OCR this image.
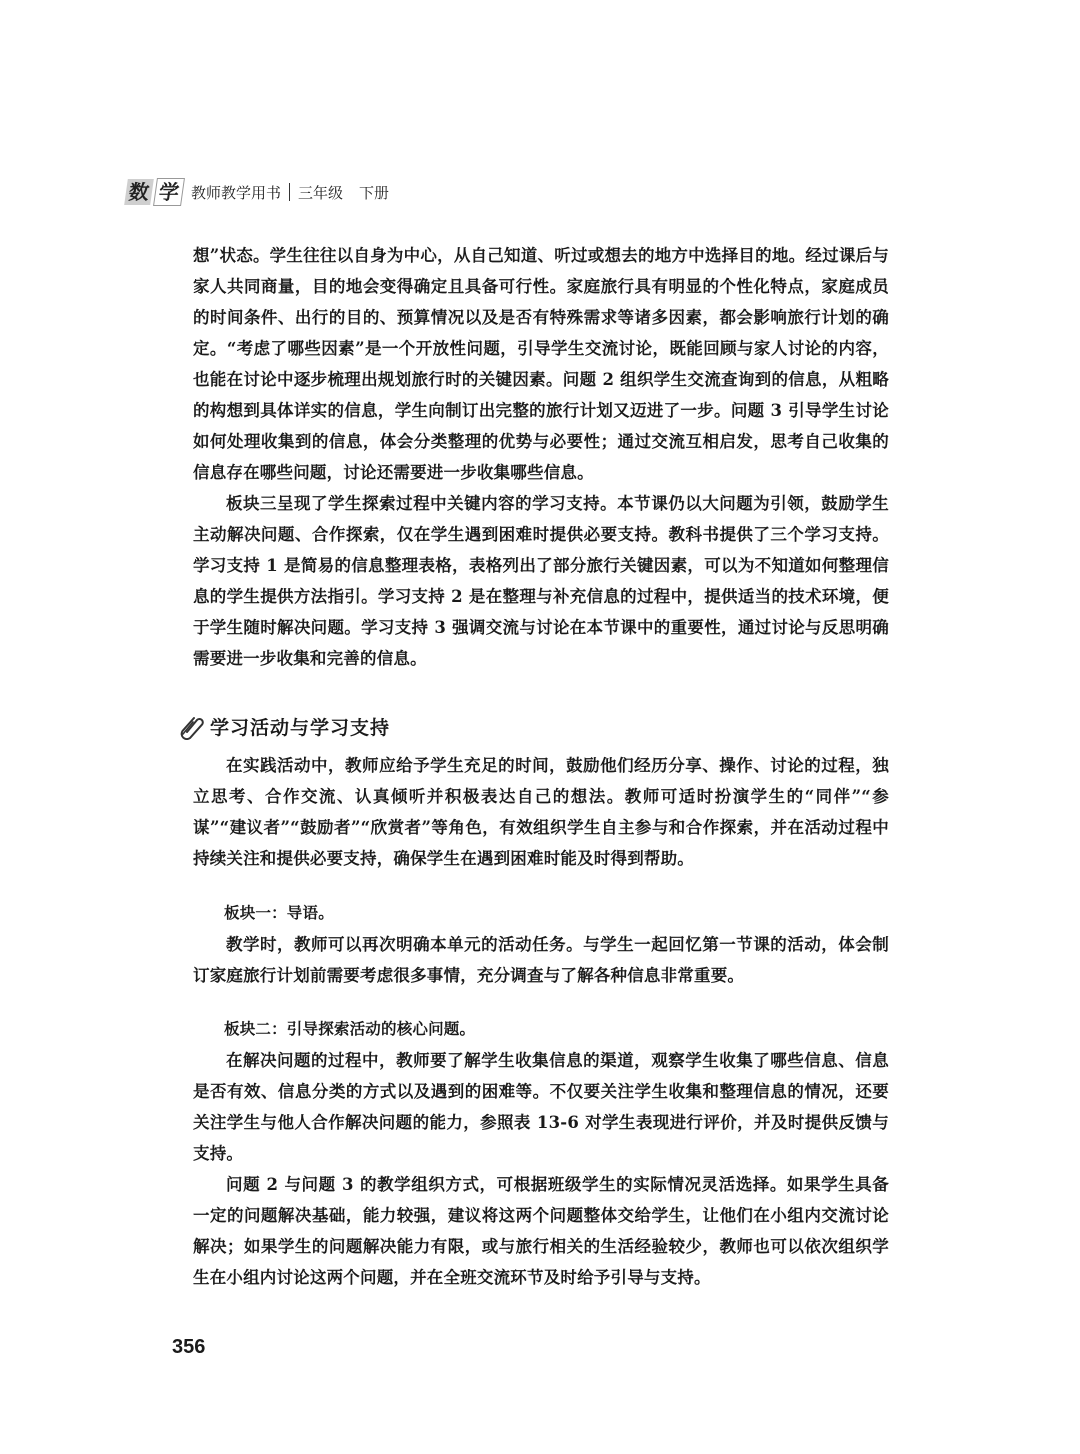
数 学 教师教学用书 三年级 下册

想”状态。学生往往以自身为中心，从自己知道、听过或想去的地方中选择目的地。经过课后与家人共同商量，目的地会变得确定且具备可行性。家庭旅行具有明显的个性化特点，家庭成员的时间条件、出行的目的、预算情况以及是否有特殊需求等诸多因素，都会影响旅行计划的确定。“考虑了哪些因素”是一个开放性问题，引导学生交流讨论，既能回顾与家人讨论的内容，也能在讨论中逐步梳理出规划旅行时的关键因素。问题 2 组织学生交流查询到的信息，从粗略的构想到具体详实的信息，学生向制订出完整的旅行计划又迈进了一步。问题 3 引导学生讨论如何处理收集到的信息，体会分类整理的优势与必要性；通过交流互相启发，思考自己收集的信息存在哪些问题，讨论还需要进一步收集哪些信息。

板块三呈现了学生探索过程中关键内容的学习支持。本节课仍以大问题为引领，鼓励学生主动解决问题、合作探索，仅在学生遇到困难时提供必要支持。教科书提供了三个学习支持。学习支持 1 是简易的信息整理表格，表格列出了部分旅行关键因素，可以为不知道如何整理信息的学生提供方法指引。学习支持 2 是在整理与补充信息的过程中，提供适当的技术环境，便于学生随时解决问题。学习支持 3 强调交流与讨论在本节课中的重要性，通过讨论与反思明确需要进一步收集和完善的信息。

学习活动与学习支持

在实践活动中，教师应给予学生充足的时间，鼓励他们经历分享、操作、讨论的过程，独立思考、合作交流、认真倾听并积极表达自己的想法。教师可适时扮演学生的“同伴”“参谋”“建议者”“鼓励者”“欣赏者”等角色，有效组织学生自主参与和合作探索，并在活动过程中持续关注和提供必要支持，确保学生在遇到困难时能及时得到帮助。

板块一：导语。

教学时，教师可以再次明确本单元的活动任务。与学生一起回忆第一节课的活动，体会制订家庭旅行计划前需要考虑很多事情，充分调查与了解各种信息非常重要。

板块二：引导探索活动的核心问题。

在解决问题的过程中，教师要了解学生收集信息的渠道，观察学生收集了哪些信息、信息是否有效、信息分类的方式以及遇到的困难等。不仅要关注学生收集和整理信息的情况，还要关注学生与他人合作解决问题的能力，参照表 13-6 对学生表现进行评价，并及时提供反馈与支持。

问题 2 与问题 3 的教学组织方式，可根据班级学生的实际情况灵活选择。如果学生具备一定的问题解决基础，能力较强，建议将这两个问题整体交给学生，让他们在小组内交流讨论解决；如果学生的问题解决能力有限，或与旅行相关的生活经验较少，教师也可以依次组织学生在小组内讨论这两个问题，并在全班交流环节及时给予引导与支持。

356
